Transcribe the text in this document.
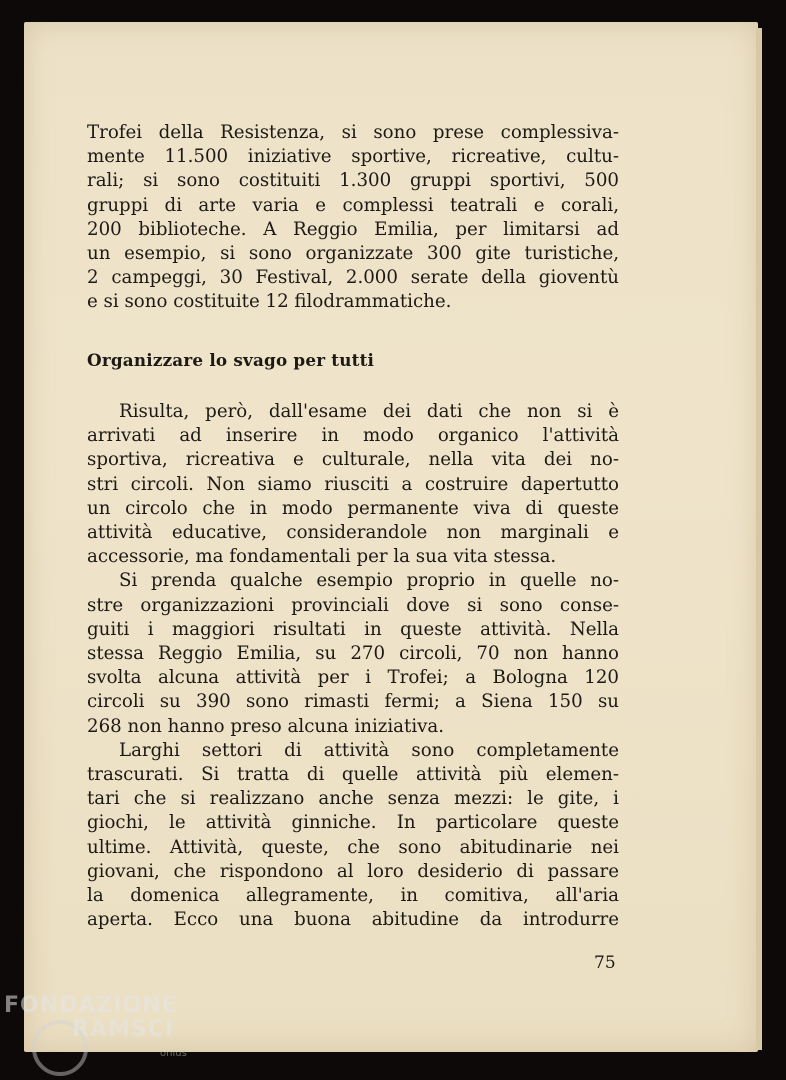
Trofei della Resistenza, si sono prese complessiva-
mente 11.500 iniziative sportive, ricreative, cultu-
rali; si sono costituiti 1.300 gruppi sportivi, 500
gruppi di arte varia e complessi teatrali e corali,
200 biblioteche. A Reggio Emilia, per limitarsi ad
un esempio, si sono organizzate 300 gite turistiche,
2 campeggi, 30 Festival, 2.000 serate della gioventù
e si sono costituite 12 filodrammatiche.
Organizzare lo svago per tutti
Risulta, però, dall'esame dei dati che non si è
arrivati ad inserire in modo organico l'attività
sportiva, ricreativa e culturale, nella vita dei no-
stri circoli. Non siamo riusciti a costruire dapertutto
un circolo che in modo permanente viva di queste
attività educative, considerandole non marginali e
accessorie, ma fondamentali per la sua vita stessa.
Si prenda qualche esempio proprio in quelle no-
stre organizzazioni provinciali dove si sono conse-
guiti i maggiori risultati in queste attività. Nella
stessa Reggio Emilia, su 270 circoli, 70 non hanno
svolta alcuna attività per i Trofei; a Bologna 120
circoli su 390 sono rimasti fermi; a Siena 150 su
268 non hanno preso alcuna iniziativa.
Larghi settori di attività sono completamente
trascurati. Si tratta di quelle attività più elemen-
tari che si realizzano anche senza mezzi: le gite, i
giochi, le attività ginniche. In particolare queste
ultime. Attività, queste, che sono abitudinarie nei
giovani, che rispondono al loro desiderio di passare
la domenica allegramente, in comitiva, all'aria
aperta. Ecco una buona abitudine da introdurre
75
FONDAZIONE
RAMSCI
onlus
